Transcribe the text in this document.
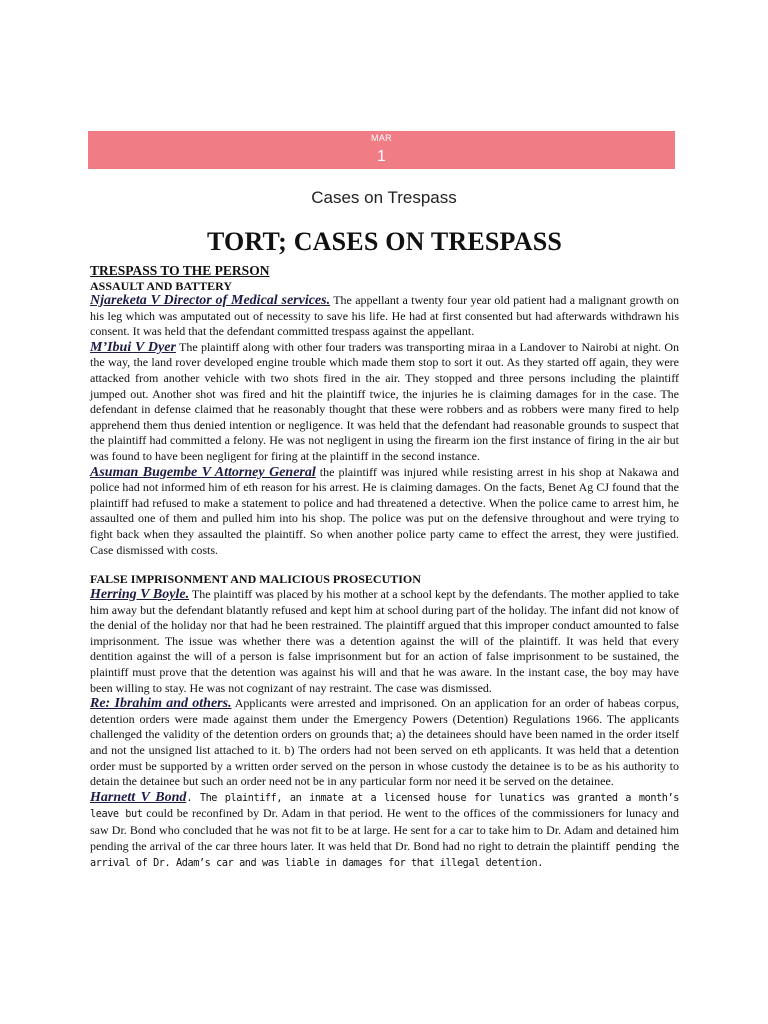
MAR
1
Cases on Trespass
TORT; CASES ON TRESPASS
TRESPASS TO THE PERSON
ASSAULT AND BATTERY

Njareketa V Director of Medical services. The appellant a twenty four year old patient had a malignant growth on his leg which was amputated out of necessity to save his life. He had at first consented but had afterwards withdrawn his consent. It was held that the defendant committed trespass against the appellant.

M’Ibui V Dyer The plaintiff along with other four traders was transporting miraa in a Landover to Nairobi at night. On the way, the land rover developed engine trouble which made them stop to sort it out. As they started off again, they were attacked from another vehicle with two shots fired in the air. They stopped and three persons including the plaintiff jumped out. Another shot was fired and hit the plaintiff twice, the injuries he is claiming damages for in the case. The defendant in defense claimed that he reasonably thought that these were robbers and as robbers were many fired to help apprehend them thus denied intention or negligence. It was held that the defendant had reasonable grounds to suspect that the plaintiff had committed a felony. He was not negligent in using the firearm ion the first instance of firing in the air but was found to have been negligent for firing at the plaintiff in the second instance.

Asuman Bugembe V Attorney General the plaintiff was injured while resisting arrest in his shop at Nakawa and police had not informed him of eth reason for his arrest. He is claiming damages. On the facts, Benet Ag CJ found that the plaintiff had refused to make a statement to police and had threatened a detective. When the police came to arrest him, he assaulted one of them and pulled him into his shop. The police was put on the defensive throughout and were trying to fight back when they assaulted the plaintiff. So when another police party came to effect the arrest, they were justified. Case dismissed with costs.

FALSE IMPRISONMENT AND MALICIOUS PROSECUTION

Herring V Boyle. The plaintiff was placed by his mother at a school kept by the defendants. The mother applied to take him away but the defendant blatantly refused and kept him at school during part of the holiday. The infant did not know of the denial of the holiday nor that had he been restrained. The plaintiff argued that this improper conduct amounted to false imprisonment. The issue was whether there was a detention against the will of the plaintiff. It was held that every dentition against the will of a person is false imprisonment but for an action of false imprisonment to be sustained, the plaintiff must prove that the detention was against his will and that he was aware. In the instant case, the boy may have been willing to stay. He was not cognizant of nay restraint. The case was dismissed.

Re: Ibrahim and others. Applicants were arrested and imprisoned. On an application for an order of habeas corpus, detention orders were made against them under the Emergency Powers (Detention) Regulations 1966. The applicants challenged the validity of the detention orders on grounds that; a) the detainees should have been named in the order itself and not the unsigned list attached to it. b) The orders had not been served on eth applicants. It was held that a detention order must be supported by a written order served on the person in whose custody the detainee is to be as his authority to detain the detainee but such an order need not be in any particular form nor need it be served on the detainee.

Harnett V Bond. The plaintiff, an inmate at a licensed house for lunatics was granted a month’s leave but could be reconfined by Dr. Adam in that period. He went to the offices of the commissioners for lunacy and saw Dr. Bond who concluded that he was not fit to be at large. He sent for a car to take him to Dr. Adam and detained him pending the arrival of the car three hours later. It was held that Dr. Bond had no right to detrain the plaintiff pending the arrival of Dr. Adam’s car and was liable in damages for that illegal detention.
